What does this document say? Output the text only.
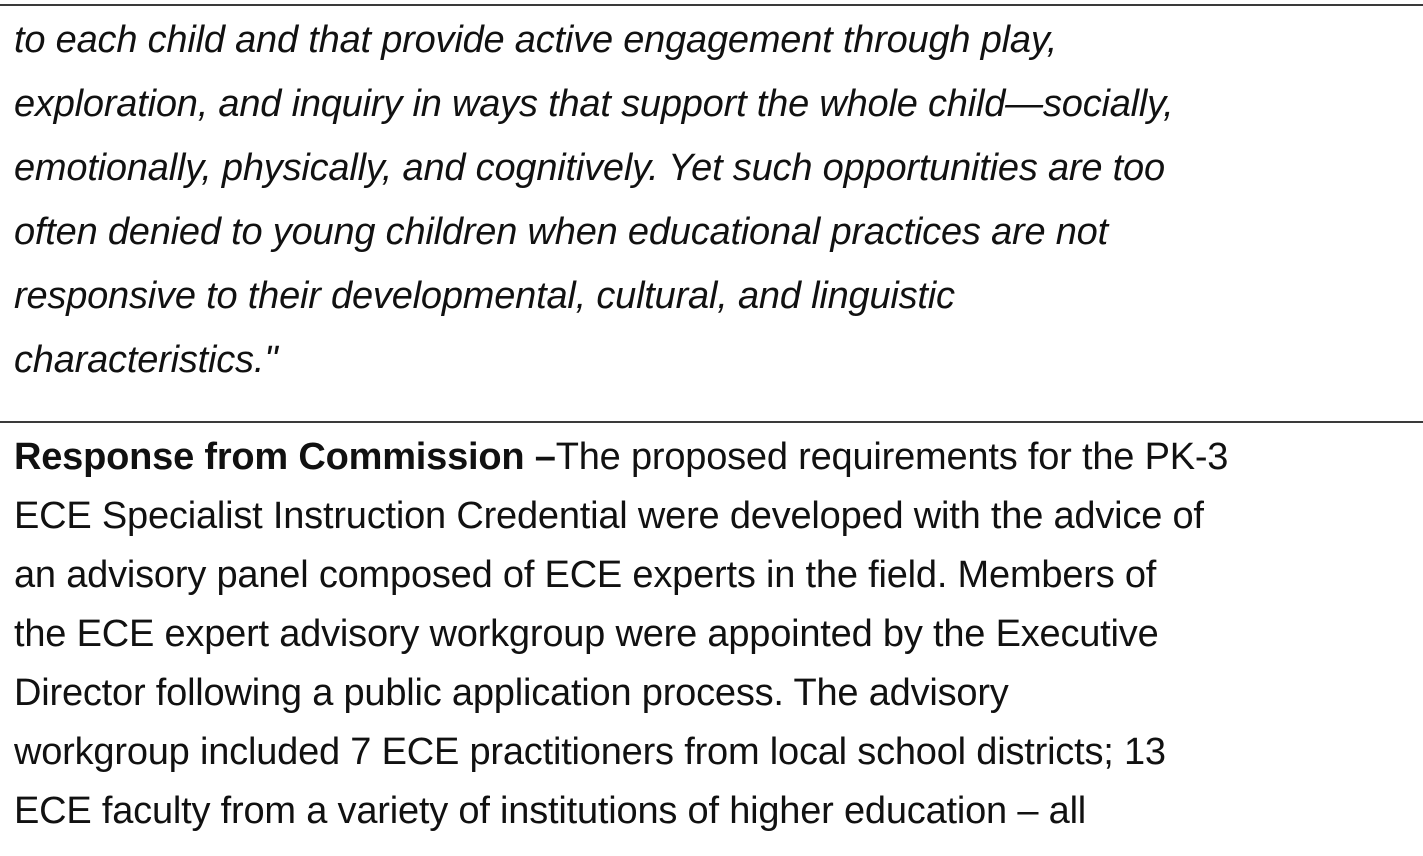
to each child and that provide active engagement through play,
exploration, and inquiry in ways that support the whole child—socially,
emotionally, physically, and cognitively. Yet such opportunities are too
often denied to young children when educational practices are not
responsive to their developmental, cultural, and linguistic
characteristics."
Response from Commission –The proposed requirements for the PK-3
ECE Specialist Instruction Credential were developed with the advice of
an advisory panel composed of ECE experts in the field. Members of
the ECE expert advisory workgroup were appointed by the Executive
Director following a public application process. The advisory
workgroup included 7 ECE practitioners from local school districts; 13
ECE faculty from a variety of institutions of higher education – all
